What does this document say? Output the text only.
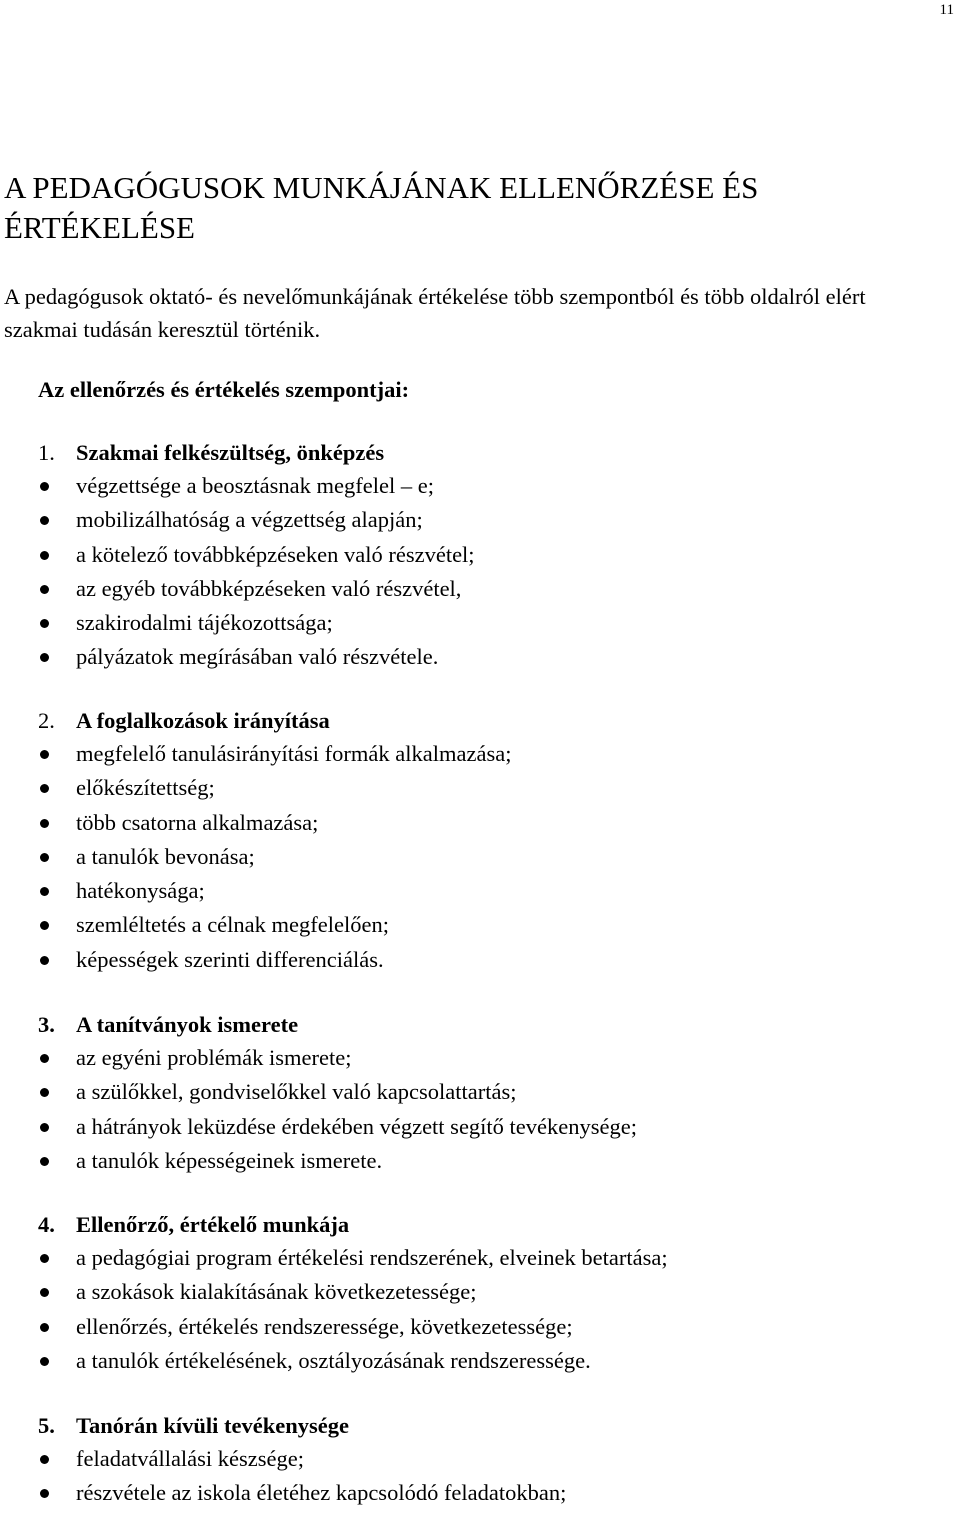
11
A PEDAGÓGUSOK MUNKÁJÁNAK ELLENŐRZÉSE ÉS ÉRTÉKELÉSE

A pedagógusok oktató- és nevelőmunkájának értékelése több szempontból és több oldalról elért szakmai tudásán keresztül történik.

Az ellenőrzés és értékelés szempontjai:

1. Szakmai felkészültség, önképzés
végzettsége a beosztásnak megfelel – e;
mobilizálhatóság a végzettség alapján;
a kötelező továbbképzéseken való részvétel;
az egyéb továbbképzéseken való részvétel,
szakirodalmi tájékozottsága;
pályázatok megírásában való részvétele.
2. A foglalkozások irányítása
megfelelő tanulásirányítási formák alkalmazása;
előkészítettség;
több csatorna alkalmazása;
a tanulók bevonása;
hatékonysága;
szemléltetés a célnak megfelelően;
képességek szerinti differenciálás.
3. A tanítványok ismerete
az egyéni problémák ismerete;
a szülőkkel, gondviselőkkel való kapcsolattartás;
a hátrányok leküzdése érdekében végzett segítő tevékenysége;
a tanulók képességeinek ismerete.
4. Ellenőrző, értékelő munkája
a pedagógiai program értékelési rendszerének, elveinek betartása;
a szokások kialakításának következetessége;
ellenőrzés, értékelés rendszeressége, következetessége;
a tanulók értékelésének, osztályozásának rendszeressége.
5. Tanórán kívüli tevékenysége
feladatvállalási készsége;
részvétele az iskola életéhez kapcsolódó feladatokban;
